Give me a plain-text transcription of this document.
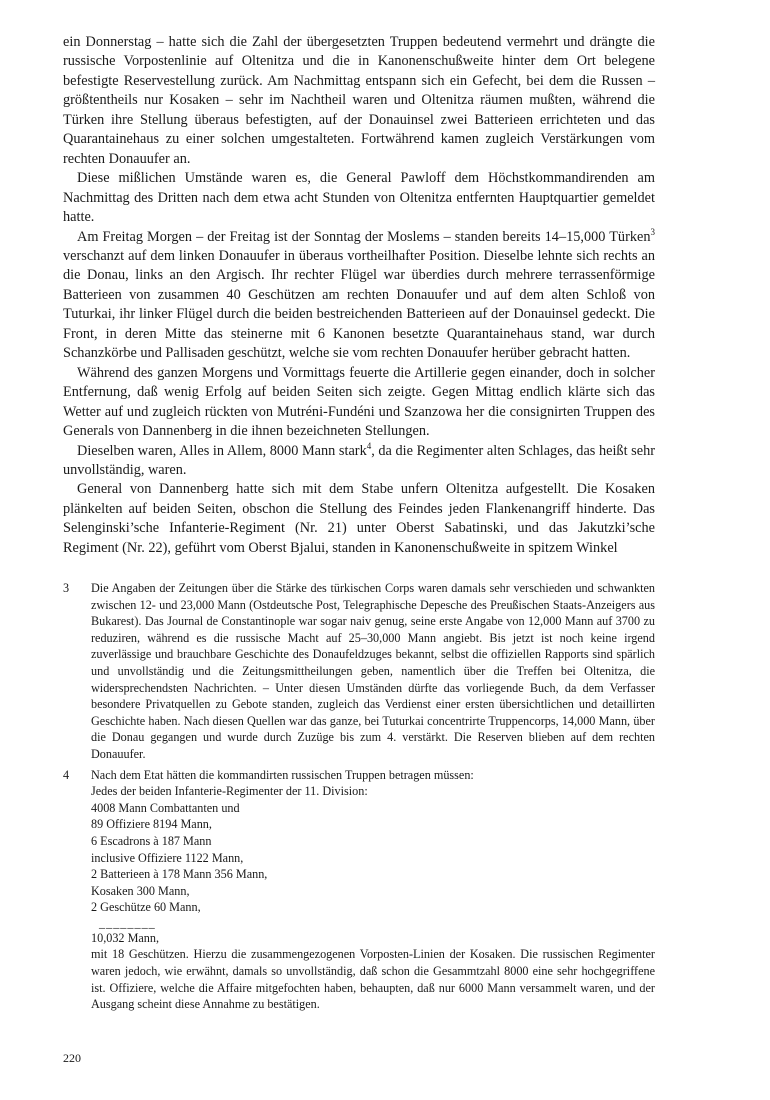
ein Donnerstag – hatte sich die Zahl der übergesetzten Truppen bedeutend vermehrt und drängte die russische Vorpostenlinie auf Oltenitza und die in Kanonenschußweite hinter dem Ort belegene befestigte Reservestellung zurück. Am Nachmittag entspann sich ein Gefecht, bei dem die Russen – größtentheils nur Kosaken – sehr im Nachtheil waren und Oltenitza räumen mußten, während die Türken ihre Stellung überaus befestigten, auf der Donauinsel zwei Batterieen errichteten und das Quarantainehaus zu einer solchen umgestalteten. Fortwährend kamen zugleich Verstärkungen vom rechten Donauufer an.

Diese mißlichen Umstände waren es, die General Pawloff dem Höchstkommandirenden am Nachmittag des Dritten nach dem etwa acht Stunden von Oltenitza entfernten Hauptquartier gemeldet hatte.

Am Freitag Morgen – der Freitag ist der Sonntag der Moslems – standen bereits 14–15,000 Türken$^3$ verschanzt auf dem linken Donauufer in überaus vortheilhafter Position. Dieselbe lehnte sich rechts an die Donau, links an den Argisch. Ihr rechter Flügel war überdies durch mehrere terrassenförmige Batterieen von zusammen 40 Geschützen am rechten Donauufer und auf dem alten Schloß von Tuturkai, ihr linker Flügel durch die beiden bestreichenden Batterieen auf der Donauinsel gedeckt. Die Front, in deren Mitte das steinerne mit 6 Kanonen besetzte Quarantainehaus stand, war durch Schanzkörbe und Pallisaden geschützt, welche sie vom rechten Donauufer herüber gebracht hatten.

Während des ganzen Morgens und Vormittags feuerte die Artillerie gegen einander, doch in solcher Entfernung, daß wenig Erfolg auf beiden Seiten sich zeigte. Gegen Mittag endlich klärte sich das Wetter auf und zugleich rückten von Mutréni-Fundéni und Szanzowa her die consignirten Truppen des Generals von Dannenberg in die ihnen bezeichneten Stellungen.

Dieselben waren, Alles in Allem, 8000 Mann stark$^4$, da die Regimenter alten Schlages, das heißt sehr unvollständig, waren.

General von Dannenberg hatte sich mit dem Stabe unfern Oltenitza aufgestellt. Die Kosaken plänkelten auf beiden Seiten, obschon die Stellung des Feindes jeden Flankenangriff hinderte. Das Selenginski’sche Infanterie-Regiment (Nr. 21) unter Oberst Sabatinski, und das Jakutzki’sche Regiment (Nr. 22), geführt vom Oberst Bjalui, standen in Kanonenschußweite in spitzem Winkel

3	Die Angaben der Zeitungen über die Stärke des türkischen Corps waren damals sehr verschieden und schwankten zwischen 12- und 23,000 Mann (Ostdeutsche Post, Telegraphische Depesche des Preußischen Staats-Anzeigers aus Bukarest). Das Journal de Constantinople war sogar naiv genug, seine erste Angabe von 12,000 Mann auf 3700 zu reduziren, während es die russische Macht auf 25–30,000 Mann angiebt. Bis jetzt ist noch keine irgend zuverlässige und brauchbare Geschichte des Donaufeldzuges bekannt, selbst die offiziellen Rapports sind spärlich und unvollständig und die Zeitungsmittheilungen geben, namentlich über die Treffen bei Oltenitza, die widersprechendsten Nachrichten. – Unter diesen Umständen dürfte das vorliegende Buch, da dem Verfasser besondere Privatquellen zu Gebote standen, zugleich das Verdienst einer ersten übersichtlichen und detaillirten Geschichte haben. Nach diesen Quellen war das ganze, bei Tuturkai concentrirte Truppencorps, 14,000 Mann, über die Donau gegangen und wurde durch Zuzüge bis zum 4. verstärkt. Die Reserven blieben auf dem rechten Donauufer.
4	Nach dem Etat hätten die kommandirten russischen Truppen betragen müssen:
Jedes der beiden Infanterie-Regimenter der 11. Division:
4008 Mann Combattanten und
89 Offiziere 8194 Mann,
6 Escadrons à 187 Mann
inclusive Offiziere 1122 Mann,
2 Batterieen à 178 Mann 356 Mann,
Kosaken 300 Mann,
2 Geschütze 60 Mann,
________
10,032 Mann,
mit 18 Geschützen. Hierzu die zusammengezogenen Vorposten-Linien der Kosaken. Die russischen Regimenter waren jedoch, wie erwähnt, damals so unvollständig, daß schon die Gesammtzahl 8000 eine sehr hochgegriffene ist. Offiziere, welche die Affaire mitgefochten haben, behaupten, daß nur 6000 Mann versammelt waren, und der Ausgang scheint diese Annahme zu bestätigen.
220
